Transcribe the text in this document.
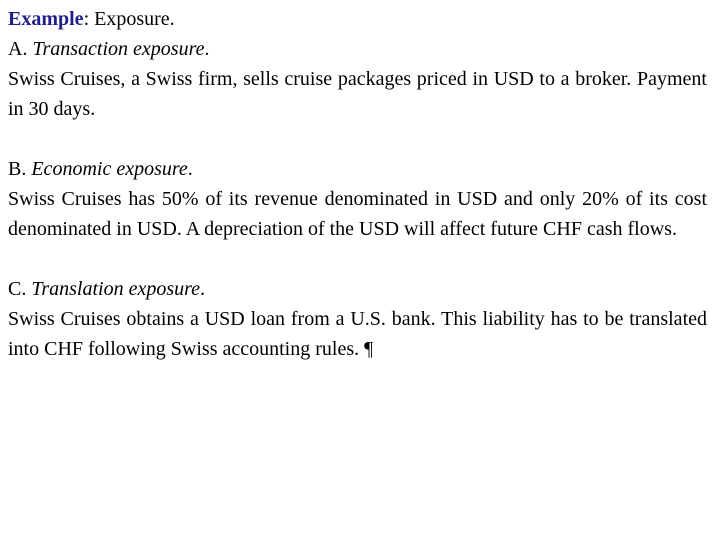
Example: Exposure.

A. Transaction exposure.

Swiss Cruises, a Swiss firm, sells cruise packages priced in USD to a broker. Payment in 30 days.

B. Economic exposure.

Swiss Cruises has 50% of its revenue denominated in USD and only 20% of its cost denominated in USD. A depreciation of the USD will affect future CHF cash flows.

C. Translation exposure.

Swiss Cruises obtains a USD loan from a U.S. bank. This liability has to be translated into CHF following Swiss accounting rules. ¶
